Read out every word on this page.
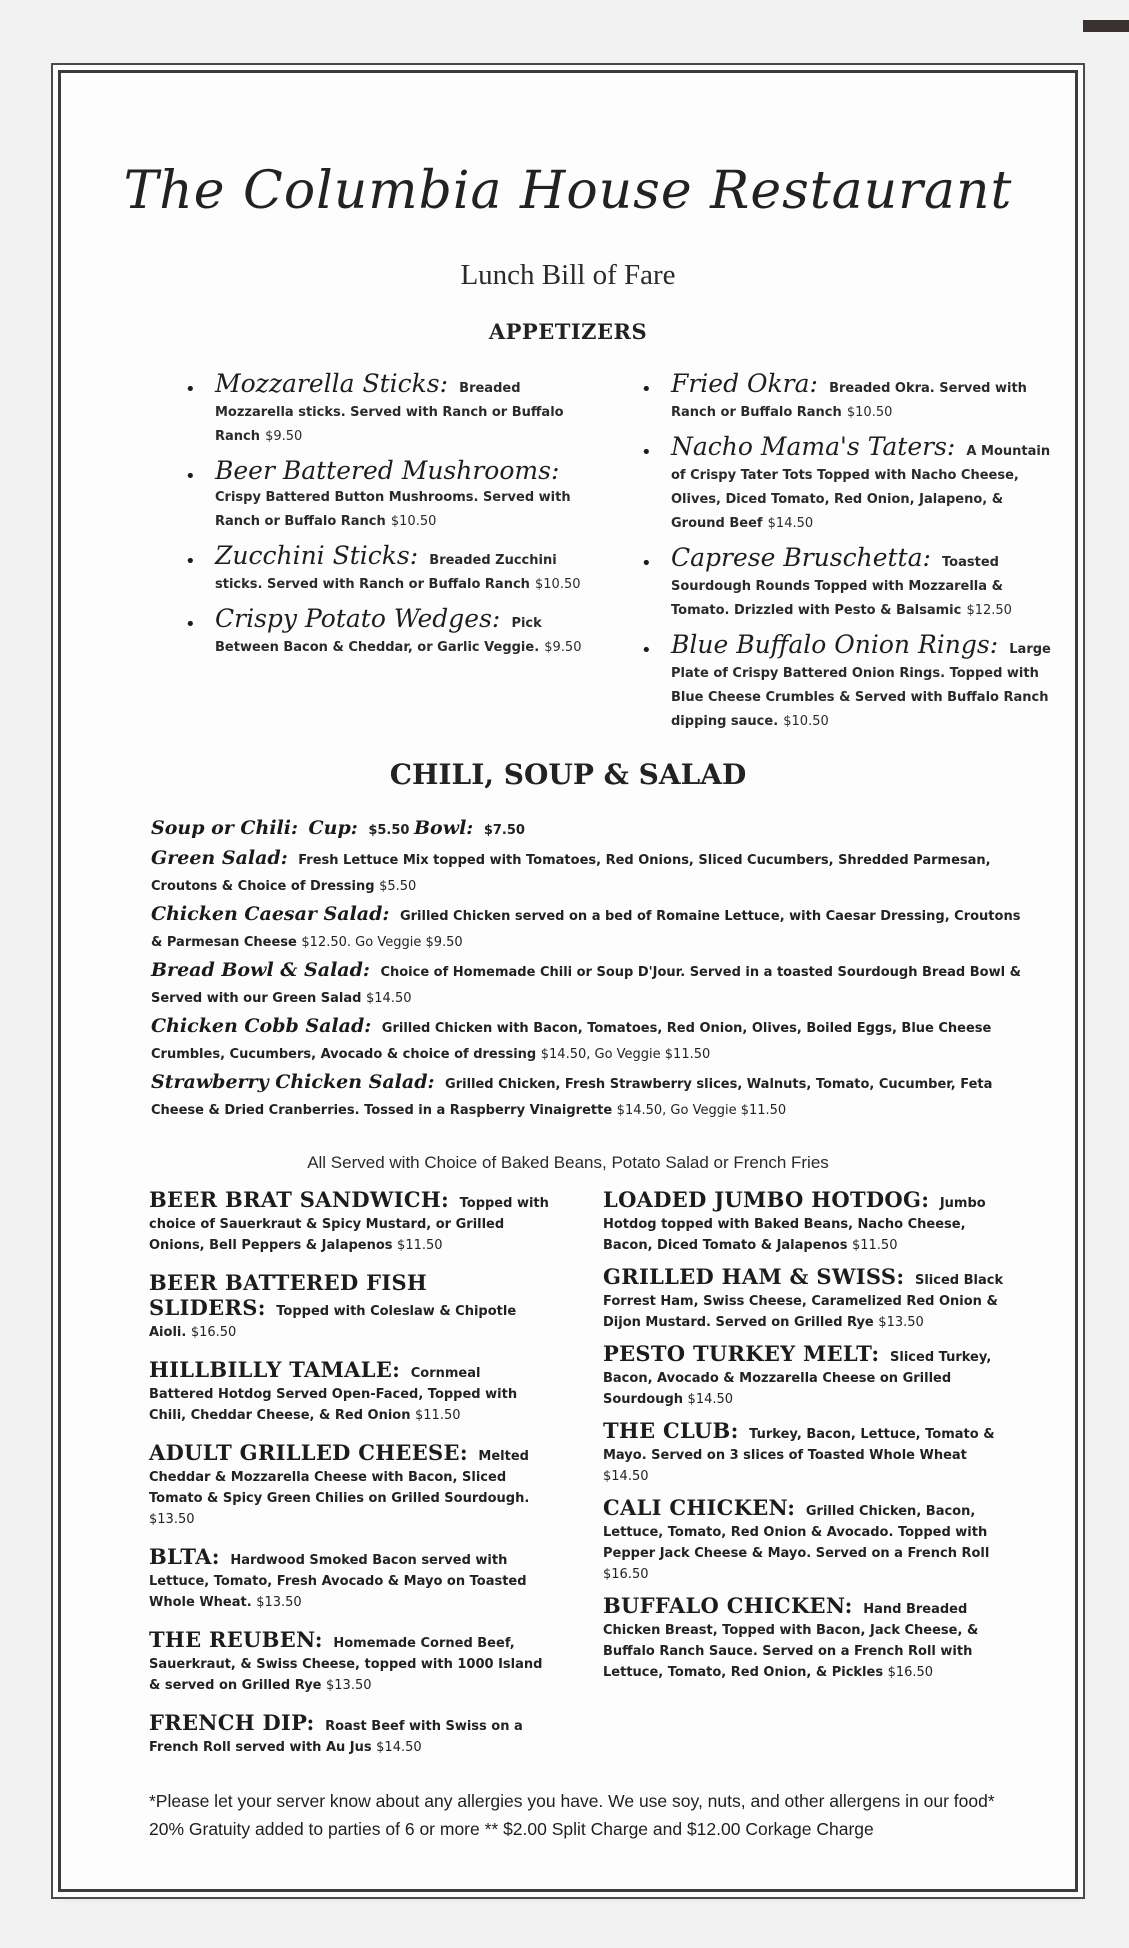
The Columbia House Restaurant
Lunch Bill of Fare
APPETIZERS
• Mozzarella Sticks: Breaded Mozzarella sticks. Served with Ranch or Buffalo Ranch $9.50
• Beer Battered Mushrooms: Crispy Battered Button Mushrooms. Served with Ranch or Buffalo Ranch $10.50
• Zucchini Sticks: Breaded Zucchini sticks. Served with Ranch or Buffalo Ranch $10.50
• Crispy Potato Wedges: Pick Between Bacon & Cheddar, or Garlic Veggie. $9.50
• Fried Okra: Breaded Okra. Served with Ranch or Buffalo Ranch $10.50
• Nacho Mama's Taters: A Mountain of Crispy Tater Tots Topped with Nacho Cheese, Olives, Diced Tomato, Red Onion, Jalapeno, & Ground Beef $14.50
• Caprese Bruschetta: Toasted Sourdough Rounds Topped with Mozzarella & Tomato. Drizzled with Pesto & Balsamic $12.50
• Blue Buffalo Onion Rings: Large Plate of Crispy Battered Onion Rings. Topped with Blue Cheese Crumbles & Served with Buffalo Ranch dipping sauce. $10.50
CHILI, SOUP & SALAD
Soup or Chili: Cup: $5.50 Bowl: $7.50
Green Salad: Fresh Lettuce Mix topped with Tomatoes, Red Onions, Sliced Cucumbers, Shredded Parmesan, Croutons & Choice of Dressing $5.50
Chicken Caesar Salad: Grilled Chicken served on a bed of Romaine Lettuce, with Caesar Dressing, Croutons & Parmesan Cheese $12.50. Go Veggie $9.50
Bread Bowl & Salad: Choice of Homemade Chili or Soup D'Jour. Served in a toasted Sourdough Bread Bowl & Served with our Green Salad $14.50
Chicken Cobb Salad: Grilled Chicken with Bacon, Tomatoes, Red Onion, Olives, Boiled Eggs, Blue Cheese Crumbles, Cucumbers, Avocado & choice of dressing $14.50, Go Veggie $11.50
Strawberry Chicken Salad: Grilled Chicken, Fresh Strawberry slices, Walnuts, Tomato, Cucumber, Feta Cheese & Dried Cranberries. Tossed in a Raspberry Vinaigrette $14.50, Go Veggie $11.50
All Served with Choice of Baked Beans, Potato Salad or French Fries
BEER BRAT SANDWICH: Topped with choice of Sauerkraut & Spicy Mustard, or Grilled Onions, Bell Peppers & Jalapenos $11.50
BEER BATTERED FISH SLIDERS: Topped with Coleslaw & Chipotle Aioli. $16.50
HILLBILLY TAMALE: Cornmeal Battered Hotdog Served Open-Faced, Topped with Chili, Cheddar Cheese, & Red Onion $11.50
ADULT GRILLED CHEESE: Melted Cheddar & Mozzarella Cheese with Bacon, Sliced Tomato & Spicy Green Chilies on Grilled Sourdough. $13.50
BLTA: Hardwood Smoked Bacon served with Lettuce, Tomato, Fresh Avocado & Mayo on Toasted Whole Wheat. $13.50
THE REUBEN: Homemade Corned Beef, Sauerkraut, & Swiss Cheese, topped with 1000 Island & served on Grilled Rye $13.50
FRENCH DIP: Roast Beef with Swiss on a French Roll served with Au Jus $14.50
LOADED JUMBO HOTDOG: Jumbo Hotdog topped with Baked Beans, Nacho Cheese, Bacon, Diced Tomato & Jalapenos $11.50
GRILLED HAM & SWISS: Sliced Black Forrest Ham, Swiss Cheese, Caramelized Red Onion & Dijon Mustard. Served on Grilled Rye $13.50
PESTO TURKEY MELT: Sliced Turkey, Bacon, Avocado & Mozzarella Cheese on Grilled Sourdough $14.50
THE CLUB: Turkey, Bacon, Lettuce, Tomato & Mayo. Served on 3 slices of Toasted Whole Wheat $14.50
CALI CHICKEN: Grilled Chicken, Bacon, Lettuce, Tomato, Red Onion & Avocado. Topped with Pepper Jack Cheese & Mayo. Served on a French Roll $16.50
BUFFALO CHICKEN: Hand Breaded Chicken Breast, Topped with Bacon, Jack Cheese, & Buffalo Ranch Sauce. Served on a French Roll with Lettuce, Tomato, Red Onion, & Pickles $16.50
*Please let your server know about any allergies you have. We use soy, nuts, and other allergens in our food* 20% Gratuity added to parties of 6 or more ** $2.00 Split Charge and $12.00 Corkage Charge
